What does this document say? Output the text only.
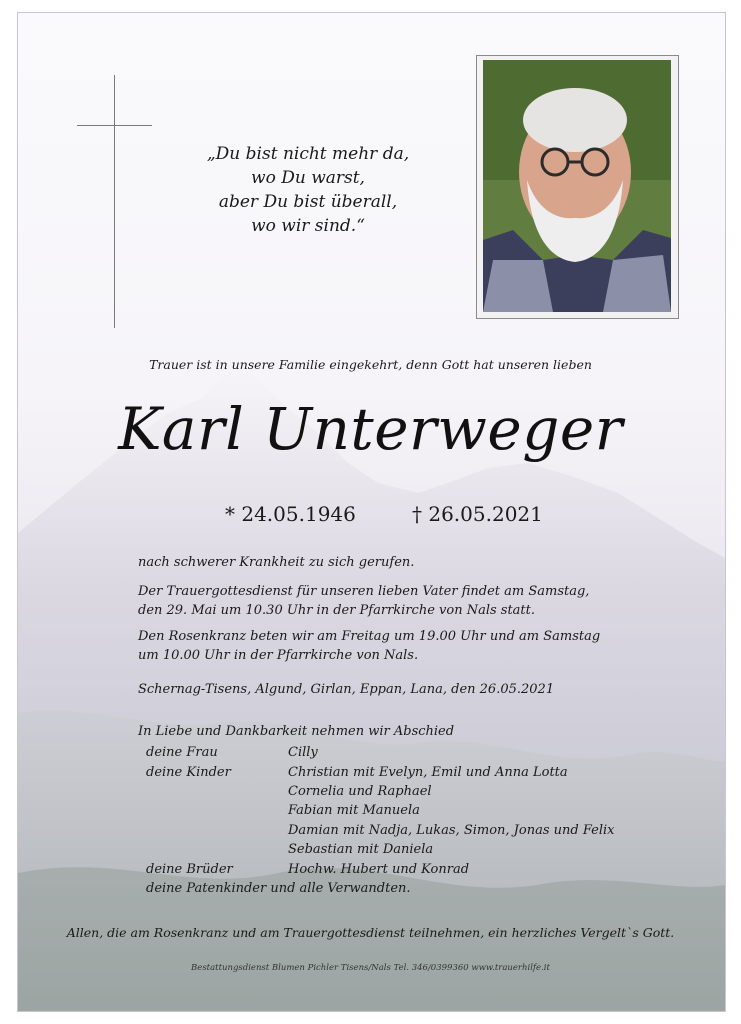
„Du bist nicht mehr da,
wo Du warst,
aber Du bist überall,
wo wir sind.“
Trauer ist in unsere Familie eingekehrt, denn Gott hat unseren lieben
Karl Unterweger
* 24.05.1946	† 26.05.2021
nach schwerer Krankheit zu sich gerufen.
Der Trauergottesdienst für unseren lieben Vater findet am Samstag, den 29. Mai um 10.30 Uhr in der Pfarrkirche von Nals statt.
Den Rosenkranz beten wir am Freitag um 19.00 Uhr und am Samstag um 10.00 Uhr in der Pfarrkirche von Nals.
Schernag-Tisens, Algund, Girlan, Eppan, Lana, den 26.05.2021
In Liebe und Dankbarkeit nehmen wir Abschied
deine Frau	Cilly
deine Kinder	Christian mit Evelyn, Emil und Anna Lotta
Cornelia und Raphael
Fabian mit Manuela
Damian mit Nadja, Lukas, Simon, Jonas und Felix
Sebastian mit Daniela
deine Brüder	Hochw. Hubert und Konrad
deine Patenkinder und alle Verwandten.
Allen, die am Rosenkranz und am Trauergottesdienst teilnehmen, ein herzliches Vergelt`s Gott.
Bestattungsdienst Blumen Pichler Tisens/Nals Tel. 346/0399360 www.trauerhilfe.it
